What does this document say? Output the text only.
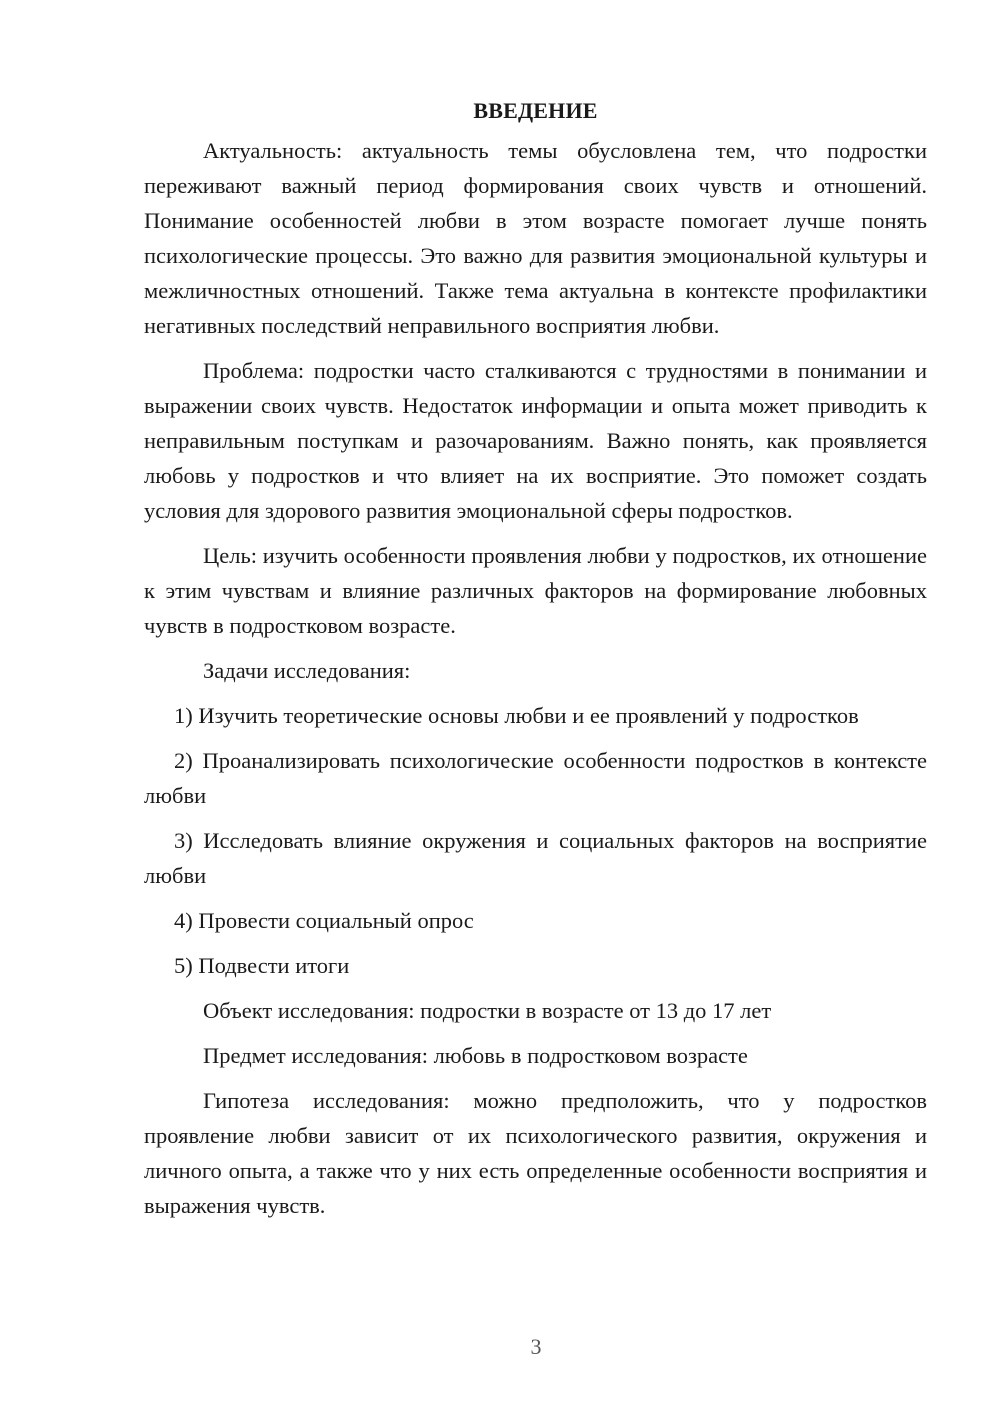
ВВЕДЕНИЕ

Актуальность: актуальность темы обусловлена тем, что подростки переживают важный период формирования своих чувств и отношений. Понимание особенностей любви в этом возрасте помогает лучше понять психологические процессы. Это важно для развития эмоциональной культуры и межличностных отношений. Также тема актуальна в контексте профилактики негативных последствий неправильного восприятия любви.

Проблема: подростки часто сталкиваются с трудностями в понимании и выражении своих чувств. Недостаток информации и опыта может приводить к неправильным поступкам и разочарованиям. Важно понять, как проявляется любовь у подростков и что влияет на их восприятие. Это поможет создать условия для здорового развития эмоциональной сферы подростков.

Цель: изучить особенности проявления любви у подростков, их отношение к этим чувствам и влияние различных факторов на формирование любовных чувств в подростковом возрасте.

Задачи исследования:

1) Изучить теоретические основы любви и ее проявлений у подростков

2) Проанализировать психологические особенности подростков в контексте любви

3) Исследовать влияние окружения и социальных факторов на восприятие любви

4) Провести социальный опрос

5) Подвести итоги

Объект исследования: подростки в возрасте от 13 до 17 лет

Предмет исследования: любовь в подростковом возрасте

Гипотеза исследования: можно предположить, что у подростков проявление любви зависит от их психологического развития, окружения и личного опыта, а также что у них есть определенные особенности восприятия и выражения чувств.

3
